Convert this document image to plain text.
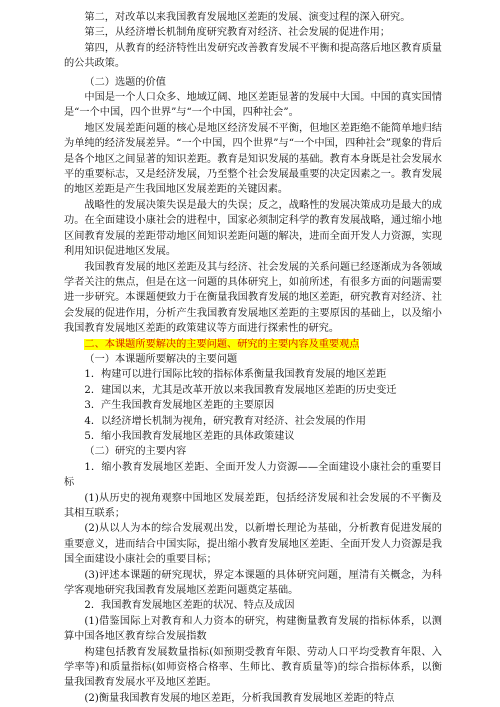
第二，对改革以来我国教育发展地区差距的发展、演变过程的深入研究。

第三，从经济增长机制角度研究教育对经济、社会发展的促进作用；

第四，从教育的经济特性出发研究改善教育发展不平衡和提高落后地区教育质量的公共政策。

（二）选题的价值

中国是一个人口众多、地域辽阔、地区差距显著的发展中大国。中国的真实国情是“一个中国，四个世界”与“一个中国，四种社会”。

地区发展差距问题的核心是地区经济发展不平衡，但地区差距绝不能简单地归结为单纯的经济发展差异。“一个中国，四个世界”与“一个中国，四种社会”现象的背后是各个地区之间显著的知识差距。教育是知识发展的基础。教育本身既是社会发展水平的重要标志，又是经济发展，乃至整个社会发展最重要的决定因素之一。教育发展的地区差距是产生我国地区发展差距的关键因素。

战略性的发展决策失误是最大的失误；反之，战略性的发展决策成功是最大的成功。在全面建设小康社会的进程中，国家必须制定科学的教育发展战略，通过缩小地区间教育发展的差距带动地区间知识差距问题的解决，进而全面开发人力资源，实现利用知识促进地区发展。

我国教育发展的地区差距及其与经济、社会发展的关系问题已经逐渐成为各领域学者关注的焦点，但是在这一问题的具体研究上，如前所述，有很多方面的问题需要进一步研究。本课题便致力于在衡量我国教育发展的地区差距，研究教育对经济、社会发展的促进作用，分析产生我国教育发展地区差距的主要原因的基础上，以及缩小我国教育发展地区差距的政策建议等方面进行探索性的研究。

二、本课题所要解决的主要问题、研究的主要内容及重要观点

（一）本课题所要解决的主要问题

1．构建可以进行国际比较的指标体系衡量我国教育发展的地区差距

2．建国以来，尤其是改革开放以来我国教育发展地区差距的历史变迁

3．产生我国教育发展地区差距的主要原因

4．以经济增长机制为视角，研究教育对经济、社会发展的作用

5．缩小我国教育发展地区差距的具体政策建议

（二）研究的主要内容

1．缩小教育发展地区差距、全面开发人力资源——全面建设小康社会的重要目标

(1)从历史的视角观察中国地区发展差距，包括经济发展和社会发展的不平衡及其相互联系；

(2)从以人为本的综合发展观出发，以新增长理论为基础，分析教育促进发展的重要意义，进而结合中国实际，提出缩小教育发展地区差距、全面开发人力资源是我国全面建设小康社会的重要目标；

(3)评述本课题的研究现状，界定本课题的具体研究问题，厘清有关概念，为科学客观地研究我国教育发展地区差距问题奠定基础。

2．我国教育发展地区差距的状况、特点及成因

(1)借鉴国际上对教育和人力资本的研究，构建衡量教育发展的指标体系，以测算中国各地区教育综合发展指数

构建包括教育发展数量指标(如预期受教育年限、劳动人口平均受教育年限、入学率等)和质量指标(如师资格合格率、生师比、教育质量等)的综合指标体系，以衡量我国教育发展水平及地区差距。

(2)衡量我国教育发展的地区差距，分析我国教育发展地区差距的特点
